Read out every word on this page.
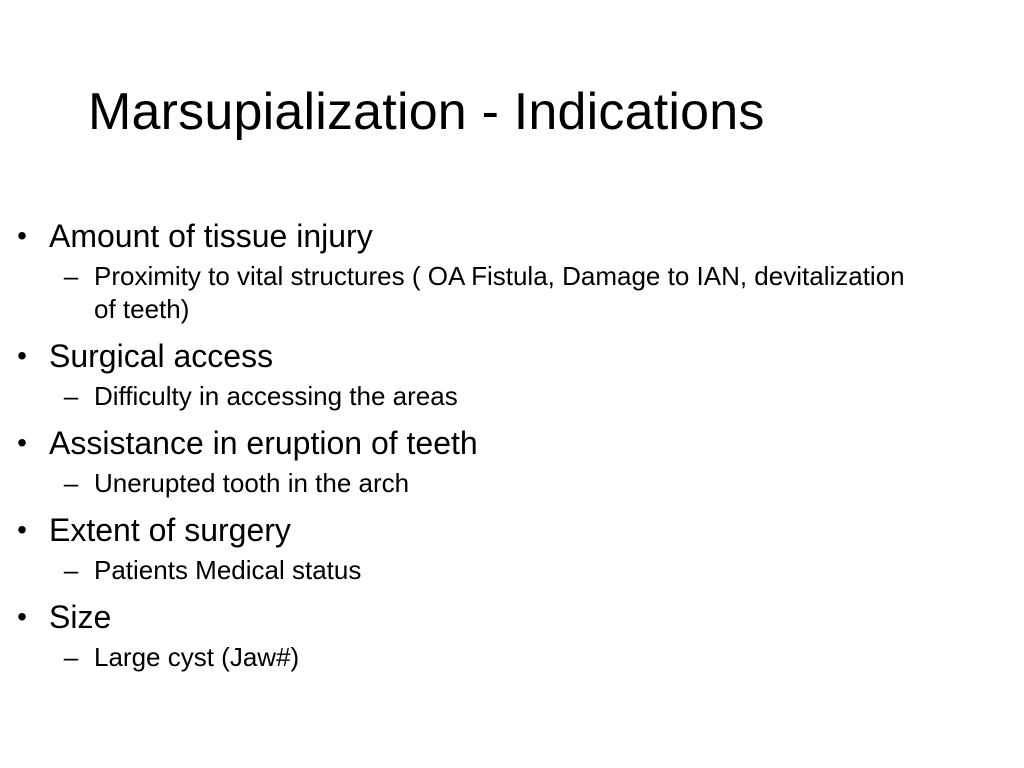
Marsupialization - Indications
• Amount of tissue injury
– Proximity to vital structures ( OA Fistula, Damage to IAN, devitalization of teeth)
• Surgical access
– Difficulty in accessing the areas
• Assistance in eruption of teeth
– Unerupted tooth in the arch
• Extent of surgery
– Patients Medical status
• Size
– Large cyst (Jaw#)
